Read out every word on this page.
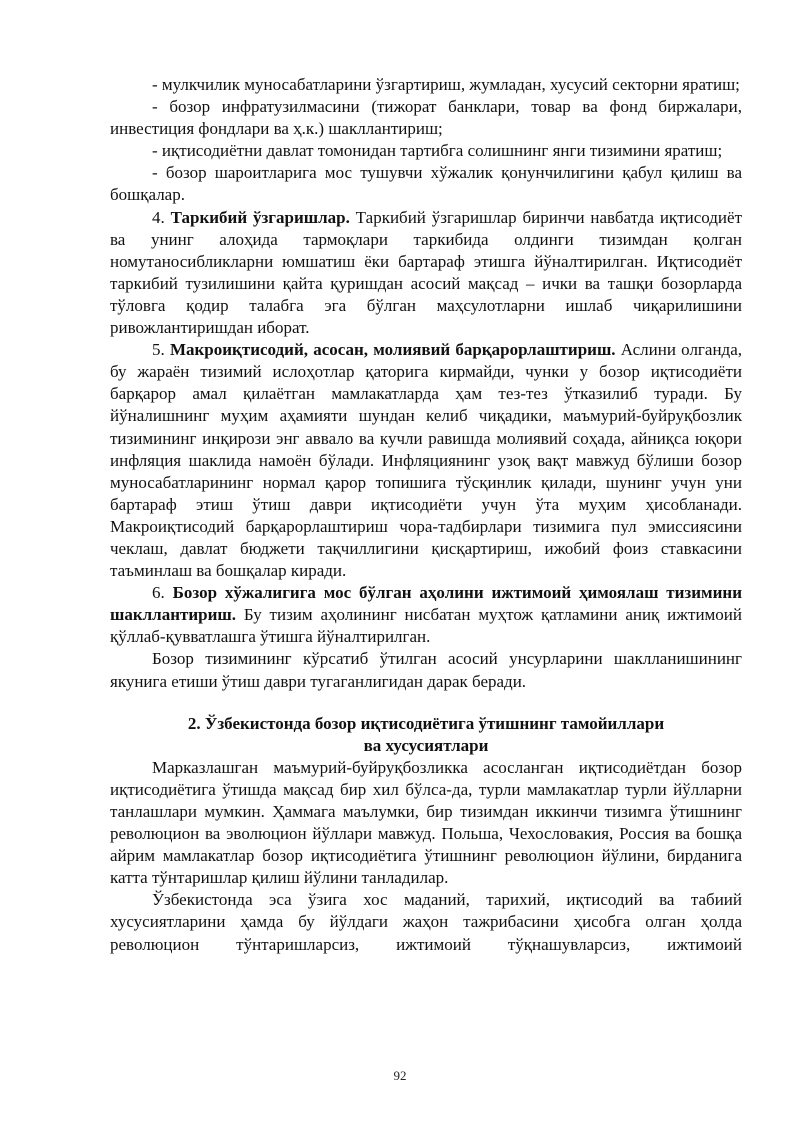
- мулкчилик муносабатларини ўзгартириш, жумладан, хусусий секторни яратиш;

- бозор инфратузилмасини (тижорат банклари, товар ва фонд биржалари, инвестиция фондлари ва ҳ.к.) шакллантириш;

- иқтисодиётни давлат томонидан тартибга солишнинг янги тизимини яратиш;

- бозор шароитларига мос тушувчи хўжалик қонунчилигини қабул қилиш ва бошқалар.

4. Таркибий ўзгаришлар. Таркибий ўзгаришлар биринчи навбатда иқтисодиёт ва унинг алоҳида тармоқлари таркибида олдинги тизимдан қолган номутаносибликларни юмшатиш ёки бартараф этишга йўналтирилган. Иқтисодиёт таркибий тузилишини қайта қуришдан асосий мақсад – ички ва ташқи бозорларда тўловга қодир талабга эга бўлган маҳсулотларни ишлаб чиқарилишини ривожлантиришдан иборат.

5. Макроиқтисодий, асосан, молиявий барқарорлаштириш. Аслини олганда, бу жараён тизимий ислоҳотлар қаторига кирмайди, чунки у бозор иқтисодиёти барқарор амал қилаётган мамлакатларда ҳам тез-тез ўтказилиб туради. Бу йўналишнинг муҳим аҳамияти шундан келиб чиқадики, маъмурий-буйруқбозлик тизимининг инқирози энг аввало ва кучли равишда молиявий соҳада, айниқса юқори инфляция шаклида намоён бўлади. Инфляциянинг узоқ вақт мавжуд бўлиши бозор муносабатларининг нормал қарор топишига тўсқинлик қилади, шунинг учун уни бартараф этиш ўтиш даври иқтисодиёти учун ўта муҳим ҳисобланади. Макроиқтисодий барқарорлаштириш чора-тадбирлари тизимига пул эмиссиясини чеклаш, давлат бюджети тақчиллигини қисқартириш, ижобий фоиз ставкасини таъминлаш ва бошқалар киради.

6. Бозор хўжалигига мос бўлган аҳолини ижтимоий ҳимоялаш тизимини шакллантириш. Бу тизим аҳолининг нисбатан муҳтож қатламини аниқ ижтимоий қўллаб-қувватлашга ўтишга йўналтирилган.

Бозор тизимининг кўрсатиб ўтилган асосий унсурларини шаклланишининг якунига етиши ўтиш даври тугаганлигидан дарак беради.

2. Ўзбекистонда бозор иқтисодиётига ўтишнинг тамойиллари
ва хусусиятлари

Марказлашган маъмурий-буйруқбозликка асосланган иқтисодиётдан бозор иқтисодиётига ўтишда мақсад бир хил бўлса-да, турли мамлакатлар турли йўлларни танлашлари мумкин. Ҳаммага маълумки, бир тизимдан иккинчи тизимга ўтишнинг революцион ва эволюцион йўллари мавжуд. Польша, Чехословакия, Россия ва бошқа айрим мамлакатлар бозор иқтисодиётига ўтишнинг революцион йўлини, бирданига катта тўнтаришлар қилиш йўлини танладилар.

Ўзбекистонда эса ўзига хос маданий, тарихий, иқтисодий ва табиий хусусиятларини ҳамда бу йўлдаги жаҳон тажрибасини ҳисобга олган ҳолда революцион тўнтаришларсиз, ижтимоий тўқнашувларсиз, ижтимоий

92
